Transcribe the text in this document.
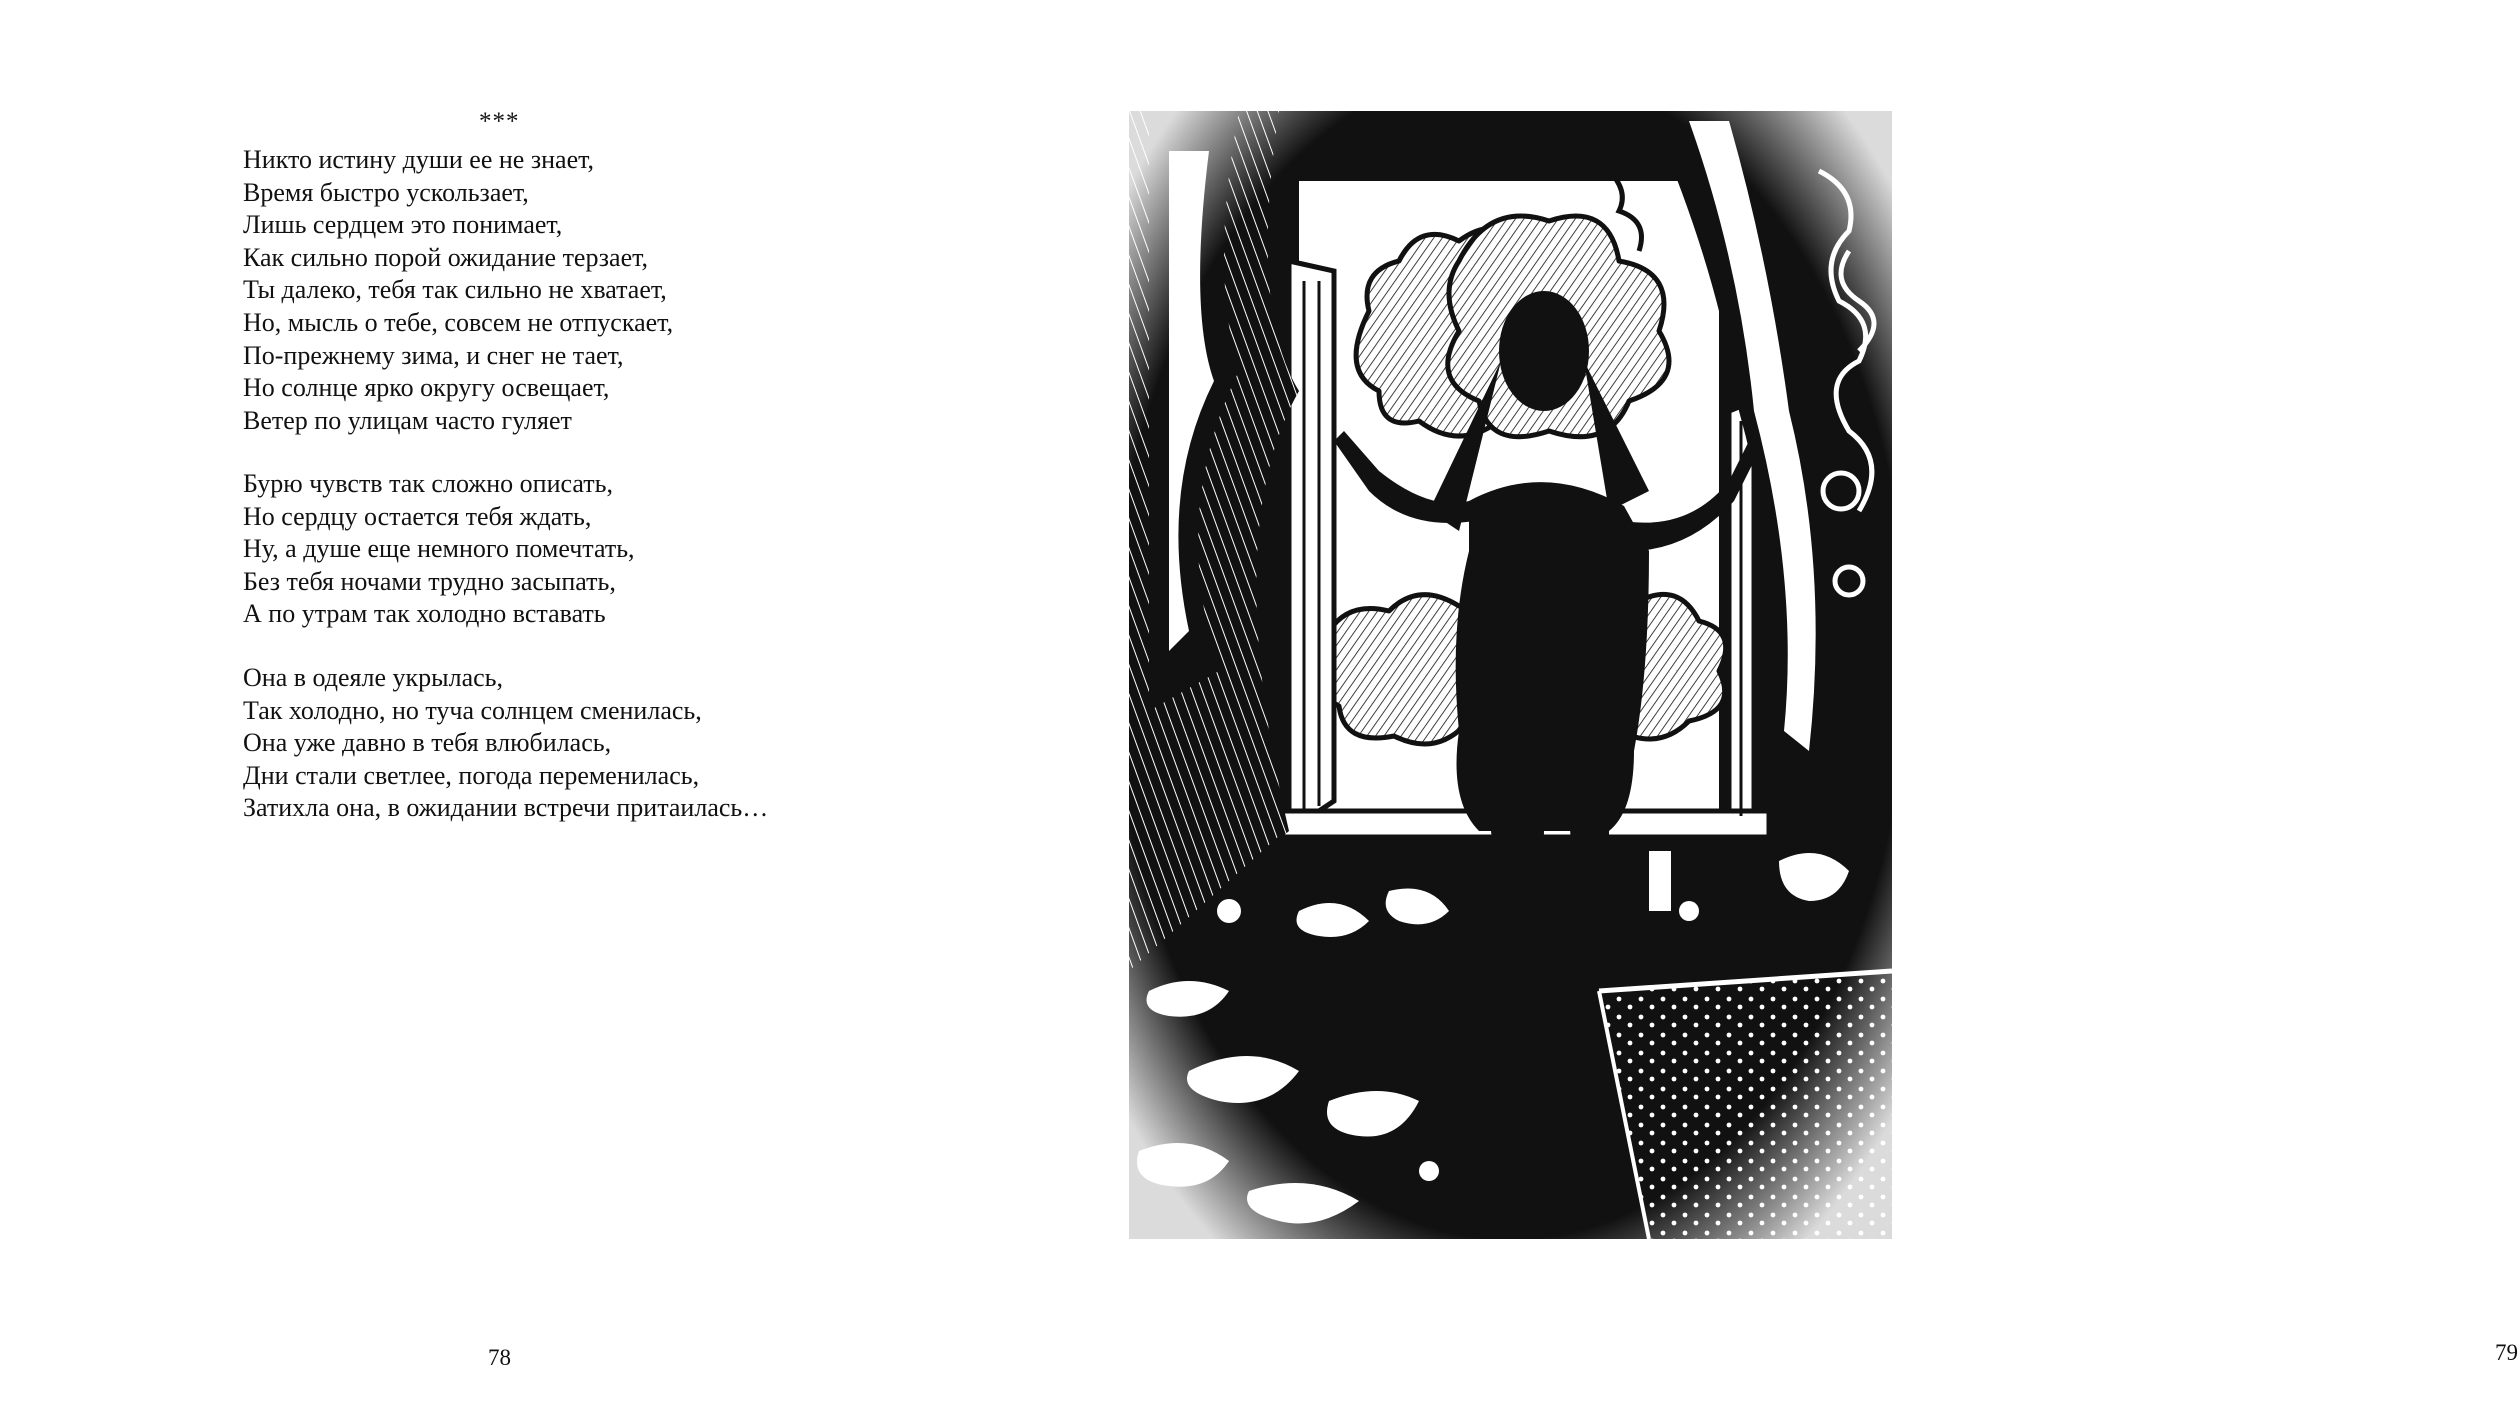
***
Никто истину души ее не знает,
Время быстро ускользает,
Лишь сердцем это понимает,
Как сильно порой ожидание терзает,
Ты далеко, тебя так сильно не хватает,
Но, мысль о тебе, совсем не отпускает,
По-прежнему зима, и снег не тает,
Но солнце ярко округу освещает,
Ветер по улицам часто гуляет
Бурю чувств так сложно описать,
Но сердцу остается тебя ждать,
Ну, а душе еще немного помечтать,
Без тебя ночами трудно засыпать,
А по утрам так холодно вставать
Она в одеяле укрылась,
Так холодно, но туча солнцем сменилась,
Она уже давно в тебя влюбилась,
Дни стали светлее, погода переменилась,
Затихла она, в ожидании встречи притаилась…
78	79
